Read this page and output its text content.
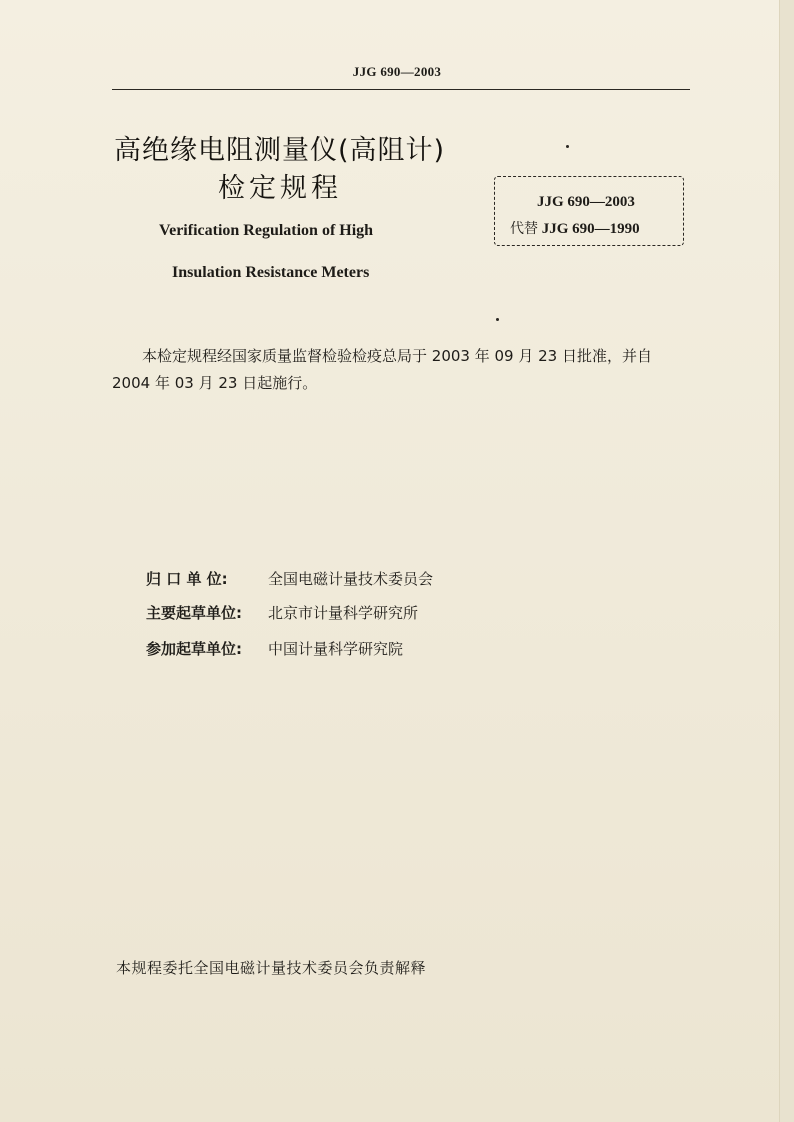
JJG 690—2003
高绝缘电阻测量仪(高阻计)
检定规程
Verification Regulation of High
Insulation Resistance Meters
JJG 690—2003
代替 JJG 690—1990
本检定规程经国家质量监督检验检疫总局于 2003 年 09 月 23 日批准，并自 2004 年 03 月 23 日起施行。
归 口 单 位:	全国电磁计量技术委员会
主要起草单位:	北京市计量科学研究所
参加起草单位:	中国计量科学研究院
本规程委托全国电磁计量技术委员会负责解释
